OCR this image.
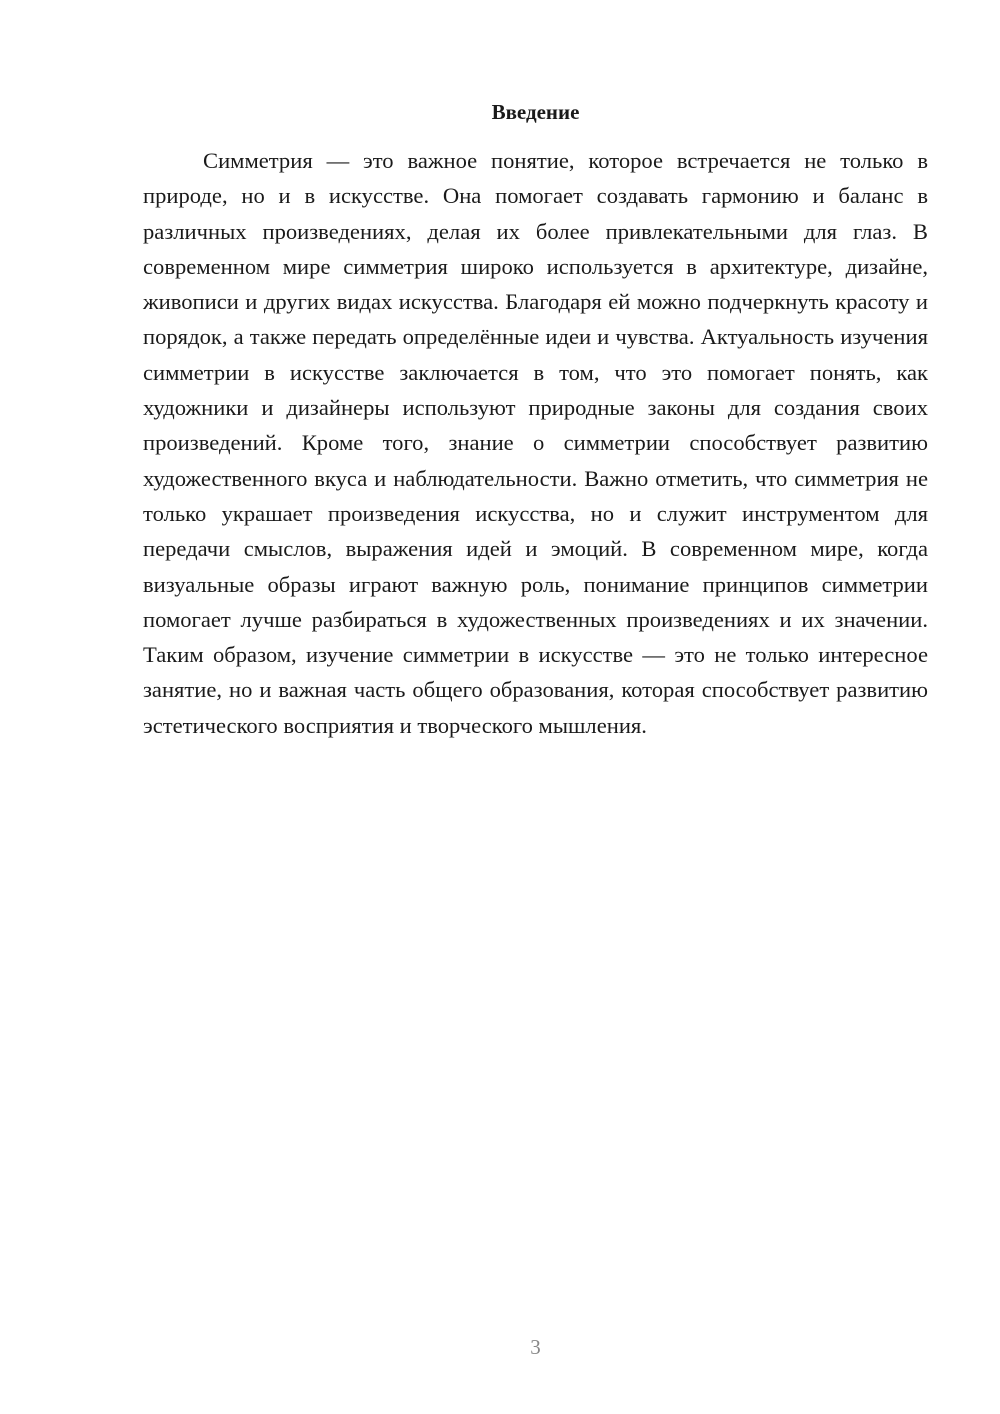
Введение

Симметрия — это важное понятие, которое встречается не только в природе, но и в искусстве. Она помогает создавать гармонию и баланс в различных произведениях, делая их более привлекательными для глаз. В современном мире симметрия широко используется в архитектуре, дизайне, живописи и других видах искусства. Благодаря ей можно подчеркнуть красоту и порядок, а также передать определённые идеи и чувства. Актуальность изучения симметрии в искусстве заключается в том, что это помогает понять, как художники и дизайнеры используют природные законы для создания своих произведений. Кроме того, знание о симметрии способствует развитию художественного вкуса и наблюдательности. Важно отметить, что симметрия не только украшает произведения искусства, но и служит инструментом для передачи смыслов, выражения идей и эмоций. В современном мире, когда визуальные образы играют важную роль, понимание принципов симметрии помогает лучше разбираться в художественных произведениях и их значении. Таким образом, изучение симметрии в искусстве — это не только интересное занятие, но и важная часть общего образования, которая способствует развитию эстетического восприятия и творческого мышления.

3
